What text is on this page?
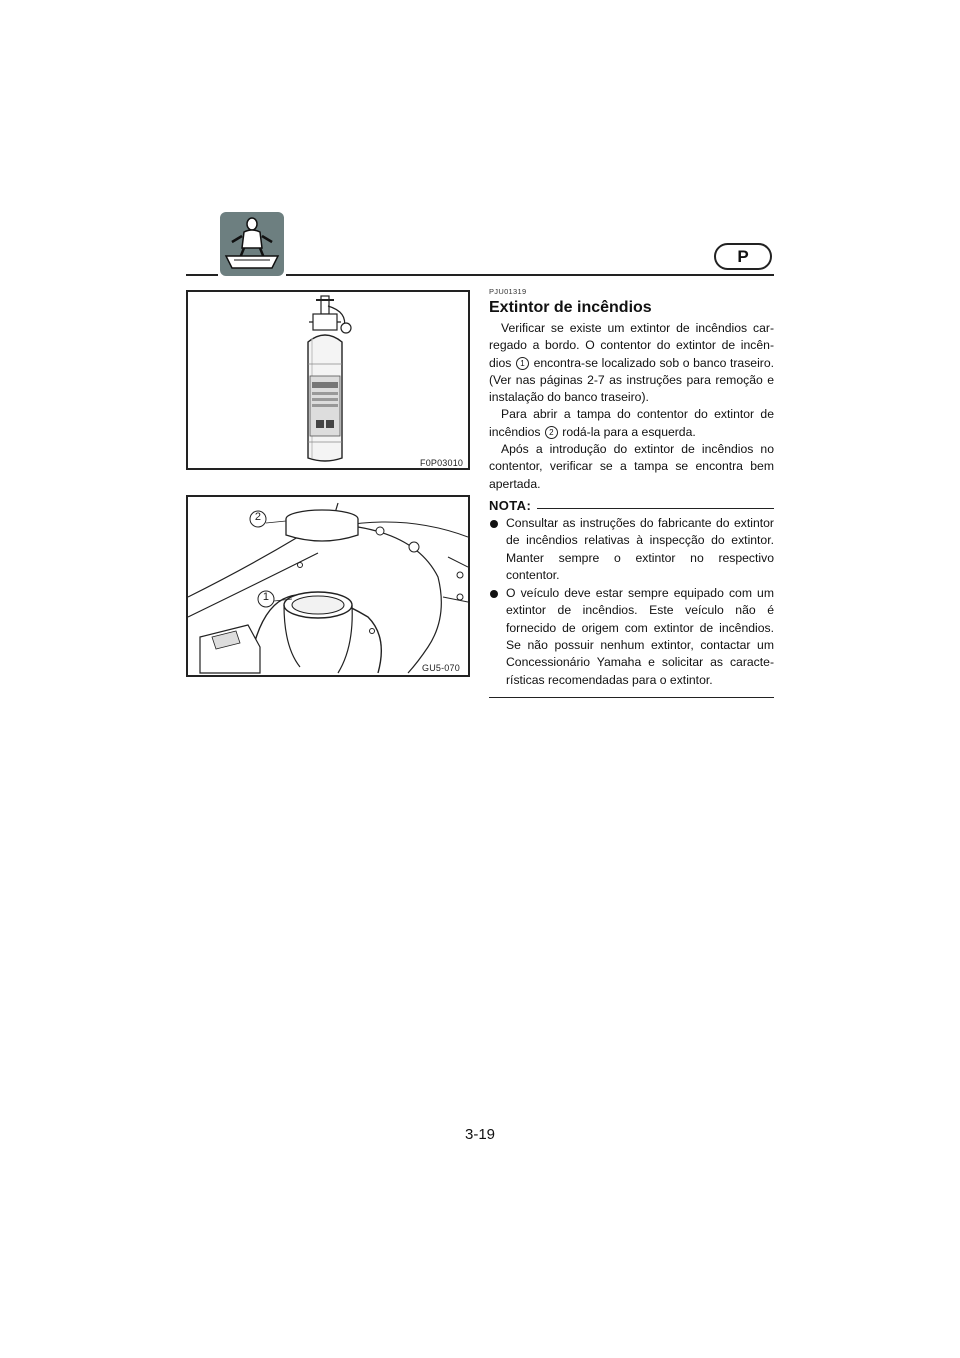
P
F0P03010
2
1
GU5-070
PJU01319
Extintor de incêndios

Verificar se existe um extintor de incêndios carregado a bordo. O contentor do extintor de incêndios 1 encontra-se localizado sob o banco traseiro. (Ver nas páginas 2-7 as instruções para remoção e instalação do banco traseiro).

Para abrir a tampa do contentor do extintor de incêndios 2 rodá-la para a esquerda.

Após a introdução do extintor de incêndios no contentor, verificar se a tampa se encontra bem apertada.

NOTA:
Consultar as instruções do fabricante do extintor de incêndios relativas à inspecção do extintor. Manter sempre o extintor no respectivo contentor.
O veículo deve estar sempre equipado com um extintor de incêndios. Este veículo não é fornecido de origem com extintor de incêndios. Se não possuir nenhum extintor, contactar um Concessionário Yamaha e solicitar as características recomendadas para o extintor.
3-19
